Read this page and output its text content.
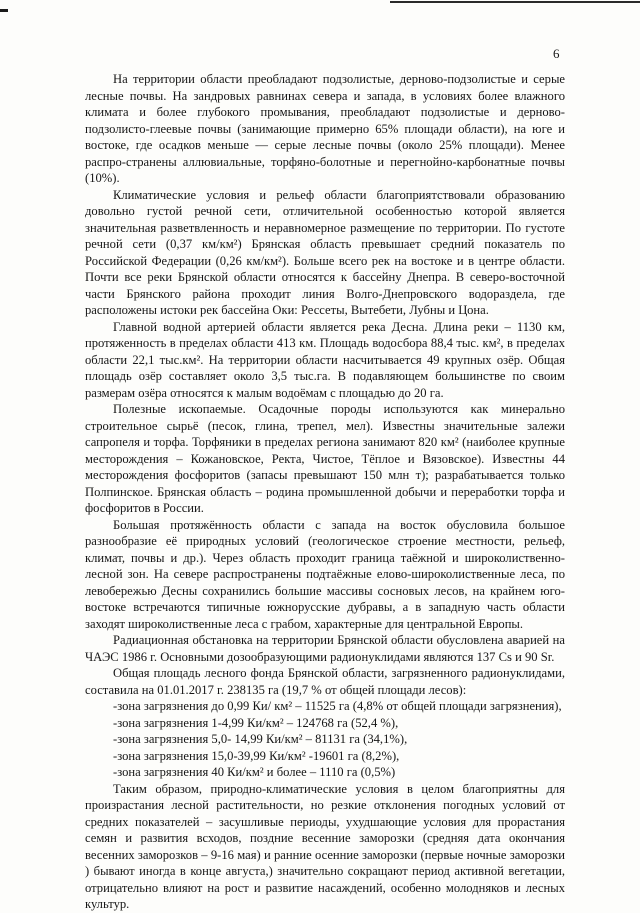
6

На территории области преобладают подзолистые, дерново-подзолистые и серые лесные почвы. На зандровых равнинах севера и запада, в условиях более влажного климата и более глубокого промывания, преобладают подзолистые и дерново-подзолисто-глеевые почвы (занимающие примерно 65% площади области), на юге и востоке, где осадков меньше — серые лесные почвы (около 25% площади). Менее распро-странены аллювиальные, торфяно-болотные и перегнойно-карбонатные почвы (10%).

Климатические условия и рельеф области благоприятствовали образованию довольно густой речной сети, отличительной особенностью которой является значительная разветвленность и неравномерное размещение по территории. По густоте речной сети (0,37 км/км²) Брянская область превышает средний показатель по Российской Федерации (0,26 км/км²). Больше всего рек на востоке и в центре области. Почти все реки Брянской области относятся к бассейну Днепра. В северо-восточной части Брянского района проходит линия Волго-Днепровского водораздела, где расположены истоки рек бассейна Оки: Рессеты, Вытебети, Лубны и Цона.

Главной водной артерией области является река Десна. Длина реки – 1130 км, протяженность в пределах области 413 км. Площадь водосбора 88,4 тыс. км², в пределах области 22,1 тыс.км². На территории области насчитывается 49 крупных озёр. Общая площадь озёр составляет около 3,5 тыс.га. В подавляющем большинстве по своим размерам озёра относятся к малым водоёмам с площадью до 20 га.

Полезные ископаемые. Осадочные породы используются как минерально строительное сырьё (песок, глина, трепел, мел). Известны значительные залежи сапропеля и торфа. Торфяники в пределах региона занимают 820 км² (наиболее крупные месторождения – Кожановское, Ректа, Чистое, Тёплое и Вязовское). Известны 44 месторождения фосфоритов (запасы превышают 150 млн т); разрабатывается только Полпинское. Брянская область – родина промышленной добычи и переработки торфа и фосфоритов в России.

Большая протяжённость области с запада на восток обусловила большое разнообразие её природных условий (геологическое строение местности, рельеф, климат, почвы и др.). Через область проходит граница таёжной и широколиственно-лесной зон. На севере распространены подтаёжные елово-широколиственные леса, по левобережью Десны сохранились большие массивы сосновых лесов, на крайнем юго-востоке встречаются типичные южнорусские дубравы, а в западную часть области заходят широколиственные леса с грабом, характерные для центральной Европы.

Радиационная обстановка на территории Брянской области обусловлена аварией на ЧАЭС 1986 г. Основными дозообразующими радионуклидами являются 137 Cs и 90 Sr.

Общая площадь лесного фонда Брянской области, загрязненного радионуклидами, составила на 01.01.2017 г. 238135 га (19,7 % от общей площади лесов):

-зона загрязнения до 0,99 Ки/ км² – 11525 га (4,8% от общей площади загрязнения),
-зона загрязнения 1-4,99 Ки/км² – 124768 га (52,4 %),
-зона загрязнения 5,0- 14,99 Ки/км² – 81131 га (34,1%),
-зона загрязнения 15,0-39,99 Ки/км² -19601 га (8,2%),
-зона загрязнения 40 Ки/км² и более – 1110 га (0,5%)

Таким образом, природно-климатические условия в целом благоприятны для произрастания лесной растительности, но резкие отклонения погодных условий от средних показателей – засушливые периоды, ухудшающие условия для прорастания семян и развития всходов, поздние весенние заморозки (средняя дата окончания весенних заморозков – 9-16 мая) и ранние осенние заморозки (первые ночные заморозки ) бывают иногда в конце августа,) значительно сокращают период активной вегетации, отрицательно влияют на рост и развитие насаждений, особенно молодняков и лесных культур.
